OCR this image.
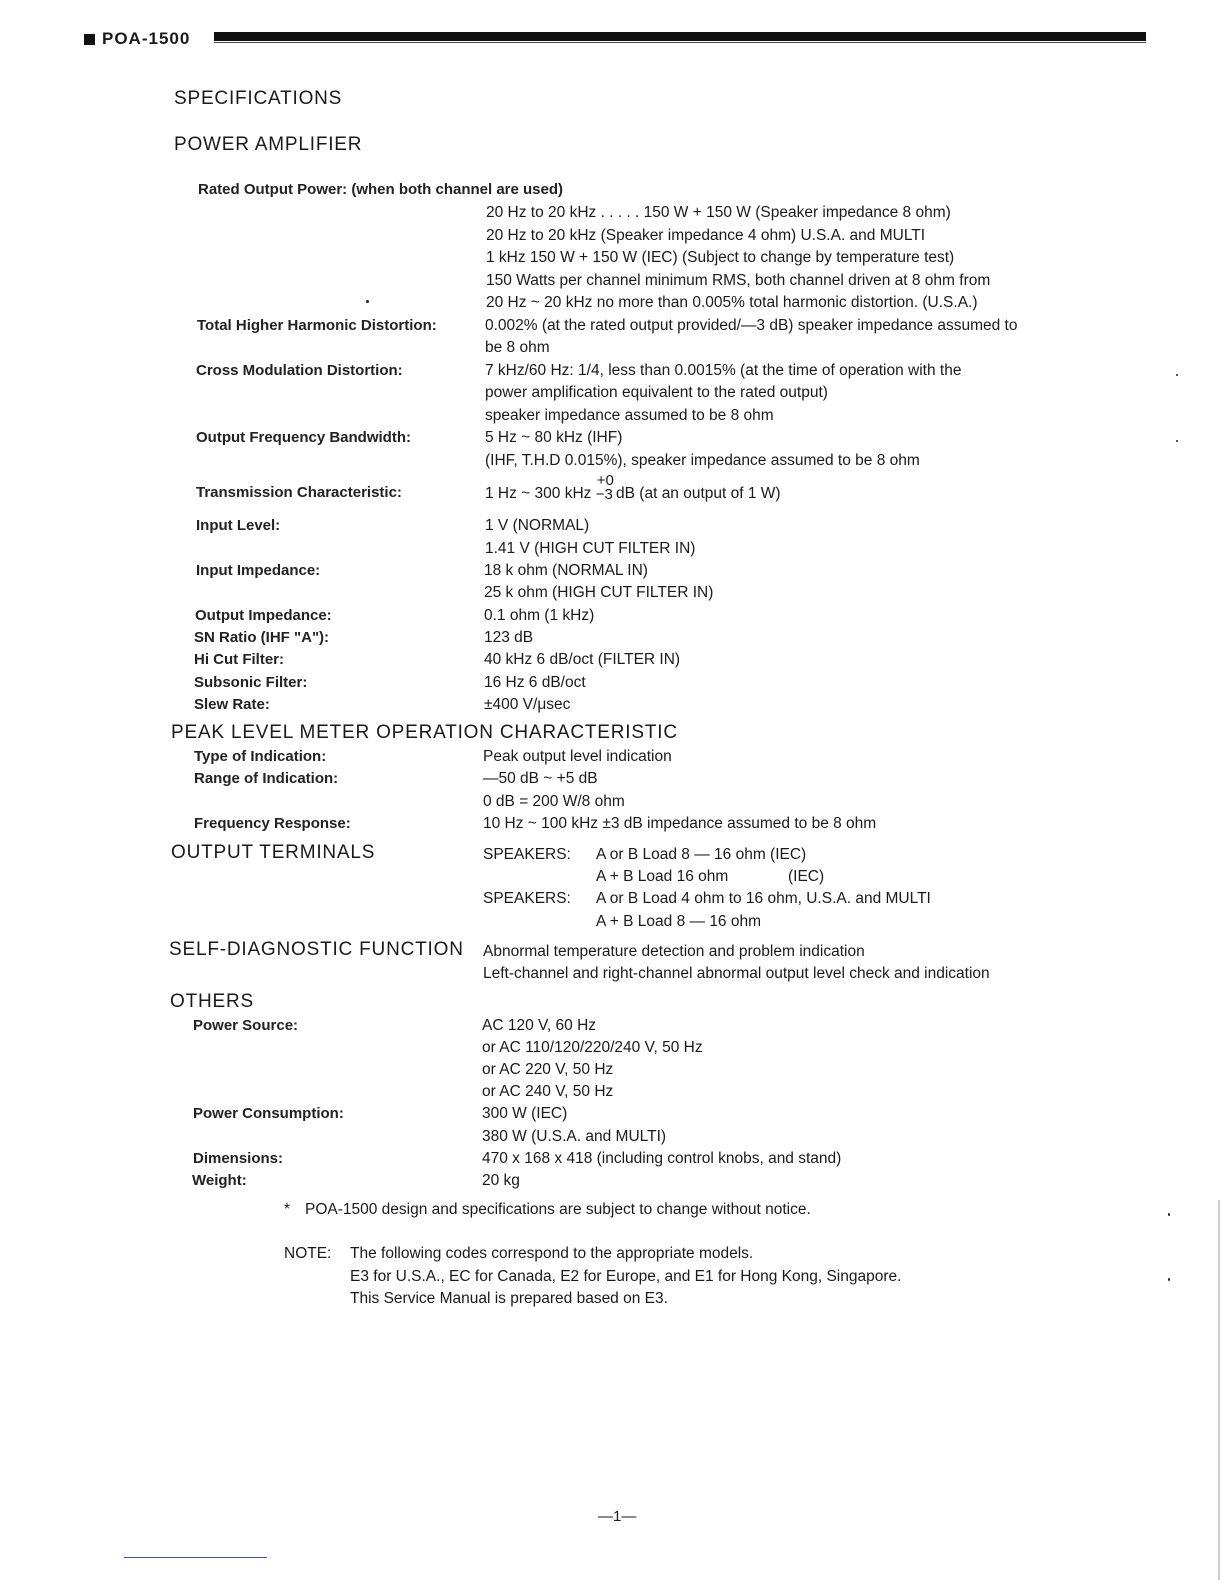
POA-1500
SPECIFICATIONS
POWER AMPLIFIER
Rated Output Power: (when both channel are used)
20 Hz to 20 kHz . . . . . 150 W + 150 W (Speaker impedance 8 ohm)
20 Hz to 20 kHz (Speaker impedance 4 ohm) U.S.A. and MULTI
1 kHz 150 W + 150 W (IEC) (Subject to change by temperature test)
150 Watts per channel minimum RMS, both channel driven at 8 ohm from
20 Hz ~ 20 kHz no more than 0.005% total harmonic distortion. (U.S.A.)
Total Higher Harmonic Distortion:	0.002% (at the rated output provided/—3 dB) speaker impedance assumed to
be 8 ohm
Cross Modulation Distortion:	7 kHz/60 Hz: 1/4, less than 0.0015% (at the time of operation with the
power amplification equivalent to the rated output)
speaker impedance assumed to be 8 ohm
Output Frequency Bandwidth:	5 Hz ~ 80 kHz (IHF)
(IHF, T.H.D 0.015%), speaker impedance assumed to be 8 ohm
Transmission Characteristic:	1 Hz ~ 300 kHz
+0
−3 dB (at an output of 1 W)
Input Level:	1 V (NORMAL)
1.41 V (HIGH CUT FILTER IN)
Input Impedance:	18 k ohm (NORMAL IN)
25 k ohm (HIGH CUT FILTER IN)
Output Impedance:	0.1 ohm (1 kHz)
SN Ratio (IHF "A"):	123 dB
Hi Cut Filter:	40 kHz 6 dB/oct (FILTER IN)
Subsonic Filter:	16 Hz 6 dB/oct
Slew Rate:	±400 V/μsec
PEAK LEVEL METER OPERATION CHARACTERISTIC
Type of Indication:	Peak output level indication
Range of Indication:	—50 dB ~ +5 dB
0 dB = 200 W/8 ohm
Frequency Response:	10 Hz ~ 100 kHz ±3 dB impedance assumed to be 8 ohm
OUTPUT TERMINALS	SPEAKERS: A or B Load 8 — 16 ohm (IEC)
A + B Load 16 ohm	(IEC)
SPEAKERS: A or B Load 4 ohm to 16 ohm, U.S.A. and MULTI
A + B Load 8 — 16 ohm
SELF-DIAGNOSTIC FUNCTION Abnormal temperature detection and problem indication
Left-channel and right-channel abnormal output level check and indication
OTHERS
Power Source:	AC 120 V, 60 Hz
or AC 110/120/220/240 V, 50 Hz
or AC 220 V, 50 Hz
or AC 240 V, 50 Hz
Power Consumption:	300 W (IEC)
380 W (U.S.A. and MULTI)
Dimensions:	470 x 168 x 418 (including control knobs, and stand)
Weight:	20 kg
* POA-1500 design and specifications are subject to change without notice.
NOTE: The following codes correspond to the appropriate models.
E3 for U.S.A., EC for Canada, E2 for Europe, and E1 for Hong Kong, Singapore.
This Service Manual is prepared based on E3.
—1—
